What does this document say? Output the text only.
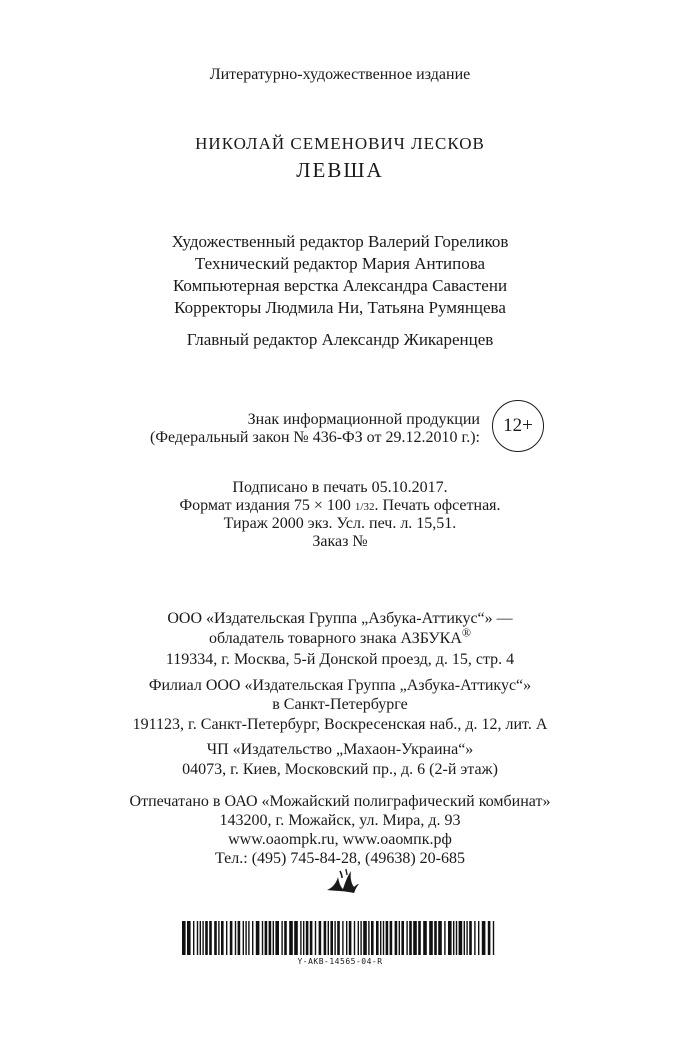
Литературно-художественное издание
НИКОЛАЙ СЕМЕНОВИЧ ЛЕСКОВ
ЛЕВША
Художественный редактор Валерий Гореликов
Технический редактор Мария Антипова
Компьютерная верстка Александра Савастени
Корректоры Людмила Ни, Татьяна Румянцева
Главный редактор Александр Жикаренцев
Знак информационной продукции
(Федеральный закон № 436-ФЗ от 29.12.2010 г.):
12+
Подписано в печать 05.10.2017.
Формат издания 75 × 100 1/32. Печать офсетная.
Тираж 2000 экз. Усл. печ. л. 15,51.
Заказ №
ООО «Издательская Группа „Азбука-Аттикус“» —
обладатель товарного знака АЗБУКА®
119334, г. Москва, 5-й Донской проезд, д. 15, стр. 4
Филиал ООО «Издательская Группа „Азбука-Аттикус“»
в Санкт-Петербурге
191123, г. Санкт-Петербург, Воскресенская наб., д. 12, лит. А
ЧП «Издательство „Махаон-Украина“»
04073, г. Киев, Московский пр., д. 6 (2-й этаж)
Отпечатано в ОАО «Можайский полиграфический комбинат»
143200, г. Можайск, ул. Мира, д. 93
www.oaompk.ru, www.оаомпк.рф
Тел.: (495) 745-84-28, (49638) 20-685
Y-AKB-14565-04-R
